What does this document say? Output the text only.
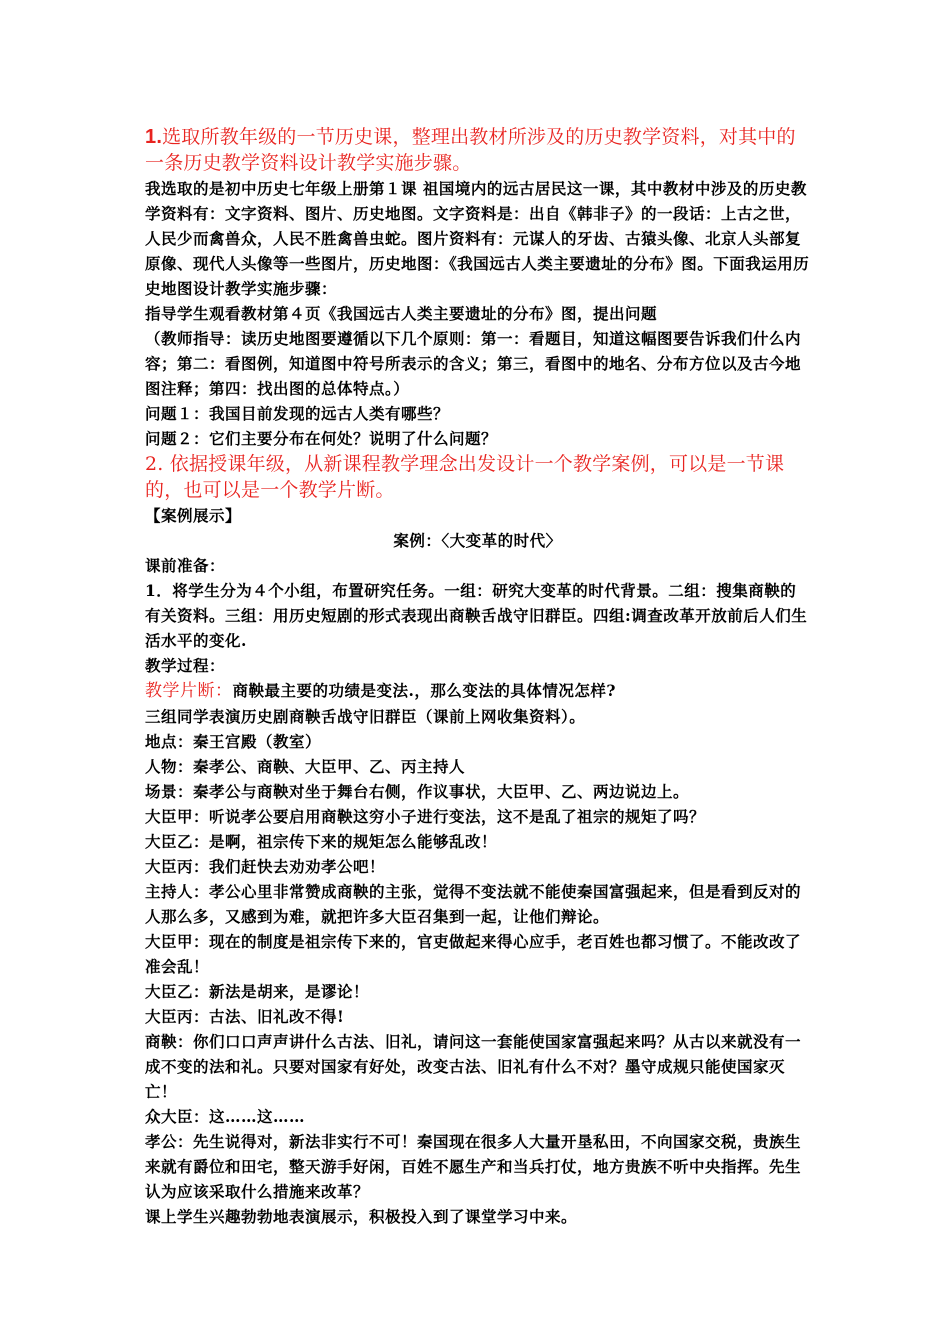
1.选取所教年级的一节历史课，整理出教材所涉及的历史教学资料，对其中的一条历史教学资料设计教学实施步骤。

我选取的是初中历史七年级上册第１课 祖国境内的远古居民这一课，其中教材中涉及的历史教学资料有：文字资料、图片、历史地图。文字资料是：出自《韩非子》的一段话：上古之世，人民少而禽兽众，人民不胜禽兽虫蛇。图片资料有：元谋人的牙齿、古猿头像、北京人头部复原像、现代人头像等一些图片，历史地图：《我国远古人类主要遗址的分布》图。下面我运用历史地图设计教学实施步骤：

指导学生观看教材第４页《我国远古人类主要遗址的分布》图，提出问题

（教师指导：读历史地图要遵循以下几个原则：第一：看题目，知道这幅图要告诉我们什么内容；第二：看图例，知道图中符号所表示的含义；第三，看图中的地名、分布方位以及古今地图注释；第四：找出图的总体特点。）

问题１：我国目前发现的远古人类有哪些？

问题２：它们主要分布在何处？说明了什么问题？

2. 依据授课年级，从新课程教学理念出发设计一个教学案例，可以是一节课的，也可以是一个教学片断。

【案例展示】

案例：〈大变革的时代〉

课前准备：

1．将学生分为４个小组，布置研究任务。一组：研究大变革的时代背景。二组：搜集商鞅的有关资料。三组：用历史短剧的形式表现出商鞅舌战守旧群臣。四组:调查改革开放前后人们生活水平的变化.

教学过程：

教学片断：商鞅最主要的功绩是变法.，那么变法的具体情况怎样?

三组同学表演历史剧商鞅舌战守旧群臣（课前上网收集资料）。

地点：秦王宫殿（教室）

人物：秦孝公、商鞅、大臣甲、乙、丙主持人

场景：秦孝公与商鞅对坐于舞台右侧，作议事状，大臣甲、乙、两边说边上。

大臣甲：听说孝公要启用商鞅这穷小子进行变法，这不是乱了祖宗的规矩了吗？

大臣乙：是啊，祖宗传下来的规矩怎么能够乱改！

大臣丙：我们赶快去劝劝孝公吧！

主持人：孝公心里非常赞成商鞅的主张，觉得不变法就不能使秦国富强起来，但是看到反对的人那么多，又感到为难，就把许多大臣召集到一起，让他们辩论。

大臣甲：现在的制度是祖宗传下来的，官吏做起来得心应手，老百姓也都习惯了。不能改改了准会乱！

大臣乙：新法是胡来，是谬论！

大臣丙：古法、旧礼改不得!

商鞅：你们口口声声讲什么古法、旧礼，请问这一套能使国家富强起来吗？从古以来就没有一成不变的法和礼。只要对国家有好处，改变古法、旧礼有什么不对？墨守成规只能使国家灭亡！

众大臣：这……这……

孝公：先生说得对，新法非实行不可！秦国现在很多人大量开垦私田，不向国家交税，贵族生来就有爵位和田宅，整天游手好闲，百姓不愿生产和当兵打仗，地方贵族不听中央指挥。先生认为应该采取什么措施来改革？

课上学生兴趣勃勃地表演展示，积极投入到了课堂学习中来。
